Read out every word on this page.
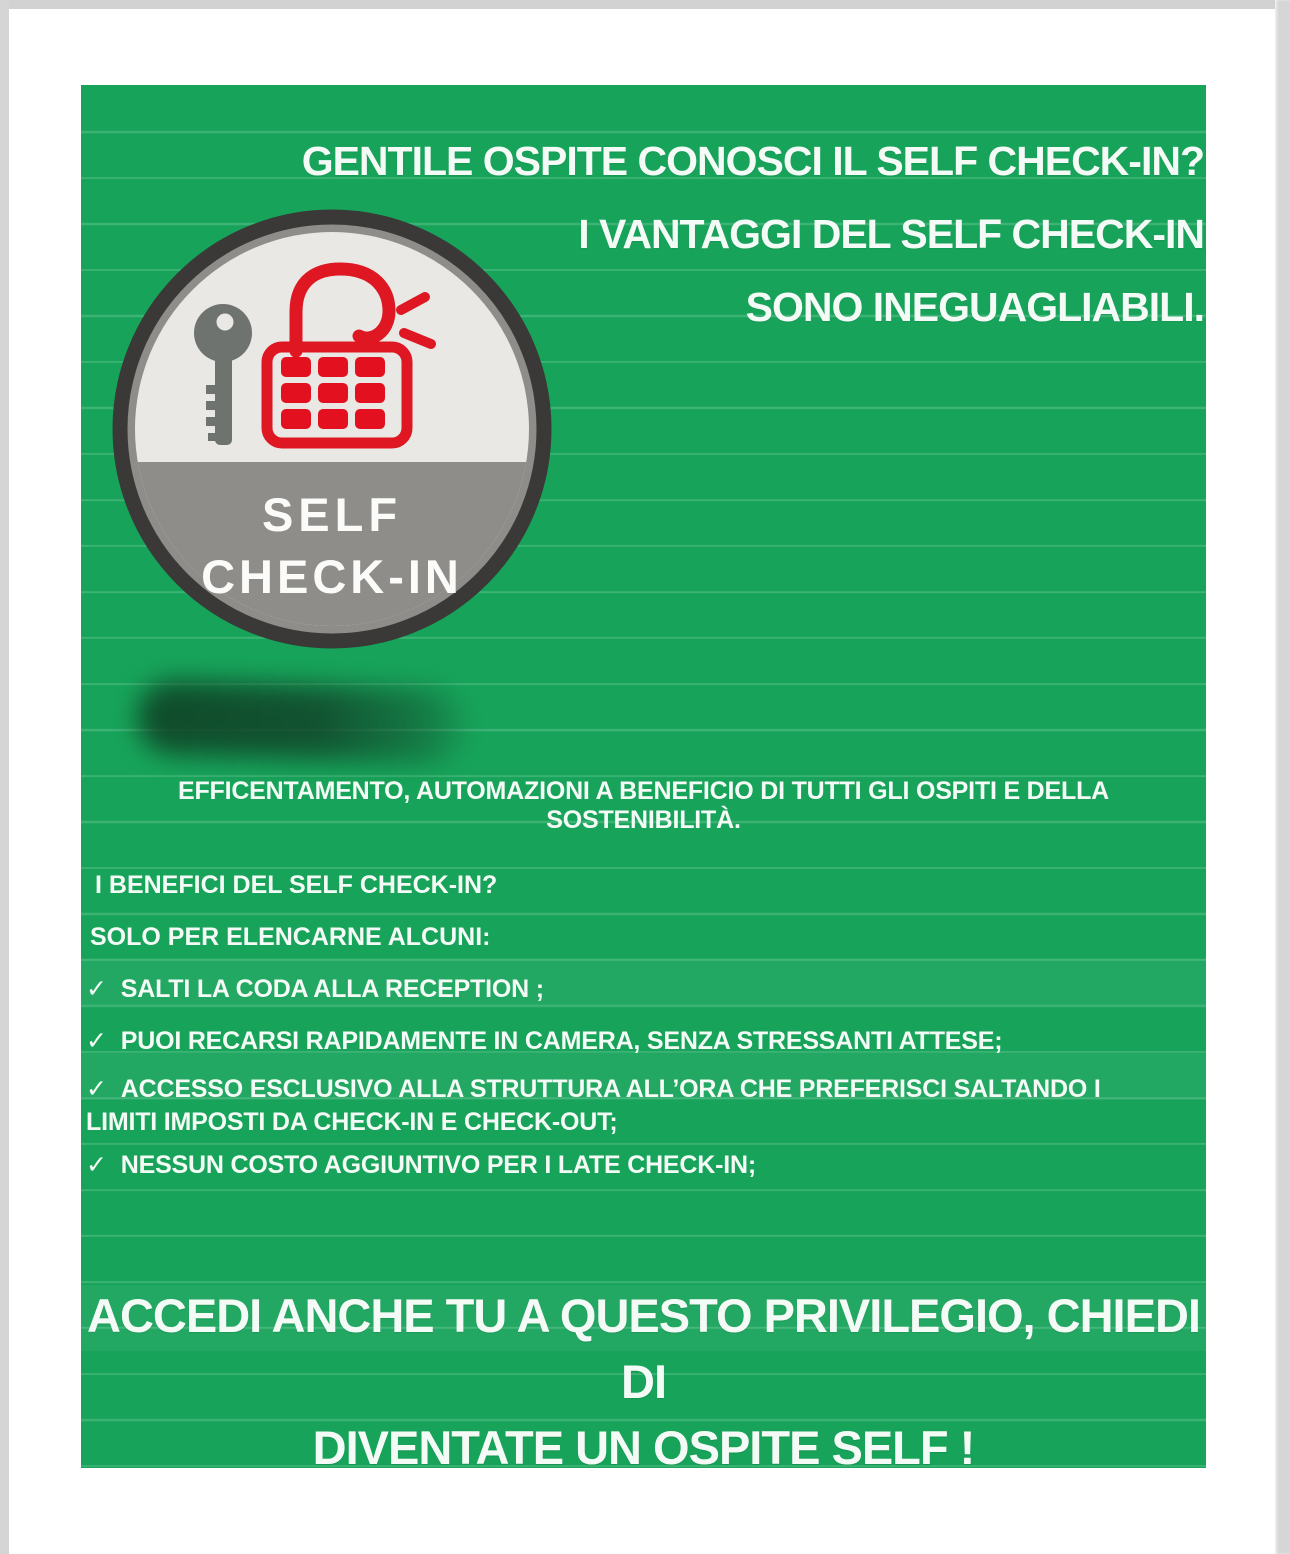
GENTILE OSPITE CONOSCI IL SELF CHECK-IN?
I VANTAGGI DEL SELF CHECK-IN
SONO INEGUAGLIABILI.
SELF
CHECK-IN
EFFICENTAMENTO, AUTOMAZIONI A BENEFICIO DI TUTTI GLI OSPITI E DELLA SOSTENIBILITÀ.
I BENEFICI DEL SELF CHECK-IN?
SOLO PER ELENCARNE ALCUNI:
✓ SALTI LA CODA ALLA RECEPTION ;
✓ PUOI RECARSI RAPIDAMENTE IN CAMERA, SENZA STRESSANTI ATTESE;
✓ ACCESSO ESCLUSIVO ALLA STRUTTURA ALL’ORA CHE PREFERISCI SALTANDO I LIMITI IMPOSTI DA CHECK-IN E CHECK-OUT;
✓ NESSUN COSTO AGGIUNTIVO PER I LATE CHECK-IN;
ACCEDI ANCHE TU A QUESTO PRIVILEGIO, CHIEDI DI
DIVENTATE UN OSPITE SELF !
